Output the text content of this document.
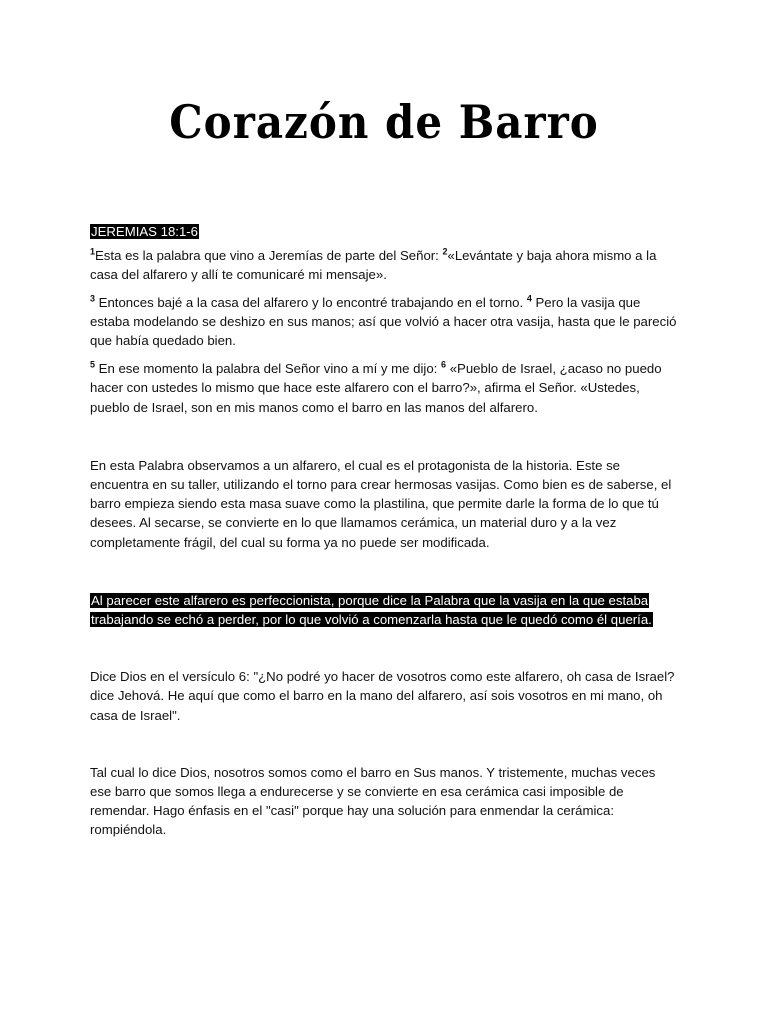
Corazón de Barro
JEREMIAS 18:1-6

$^1$Esta es la palabra que vino a Jeremías de parte del Señor: $^2$«Levántate y baja ahora mismo a la casa del alfarero y allí te comunicaré mi mensaje».

$^3$ Entonces bajé a la casa del alfarero y lo encontré trabajando en el torno. $^4$ Pero la vasija que estaba modelando se deshizo en sus manos; así que volvió a hacer otra vasija, hasta que le pareció que había quedado bien.

$^5$ En ese momento la palabra del Señor vino a mí y me dijo: $^6$ «Pueblo de Israel, ¿acaso no puedo hacer con ustedes lo mismo que hace este alfarero con el barro?», afirma el Señor. «Ustedes, pueblo de Israel, son en mis manos como el barro en las manos del alfarero.

En esta Palabra observamos a un alfarero, el cual es el protagonista de la historia. Este se encuentra en su taller, utilizando el torno para crear hermosas vasijas. Como bien es de saberse, el barro empieza siendo esta masa suave como la plastilina, que permite darle la forma de lo que tú desees. Al secarse, se convierte en lo que llamamos cerámica, un material duro y a la vez completamente frágil, del cual su forma ya no puede ser modificada.

Al parecer este alfarero es perfeccionista, porque dice la Palabra que la vasija en la que estaba trabajando se echó a perder, por lo que volvió a comenzarla hasta que le quedó como él quería.

Dice Dios en el versículo 6: "¿No podré yo hacer de vosotros como este alfarero, oh casa de Israel? dice Jehová. He aquí que como el barro en la mano del alfarero, así sois vosotros en mi mano, oh casa de Israel".

Tal cual lo dice Dios, nosotros somos como el barro en Sus manos. Y tristemente, muchas veces ese barro que somos llega a endurecerse y se convierte en esa cerámica casi imposible de remendar. Hago énfasis en el "casi" porque hay una solución para enmendar la cerámica: rompiéndola.
